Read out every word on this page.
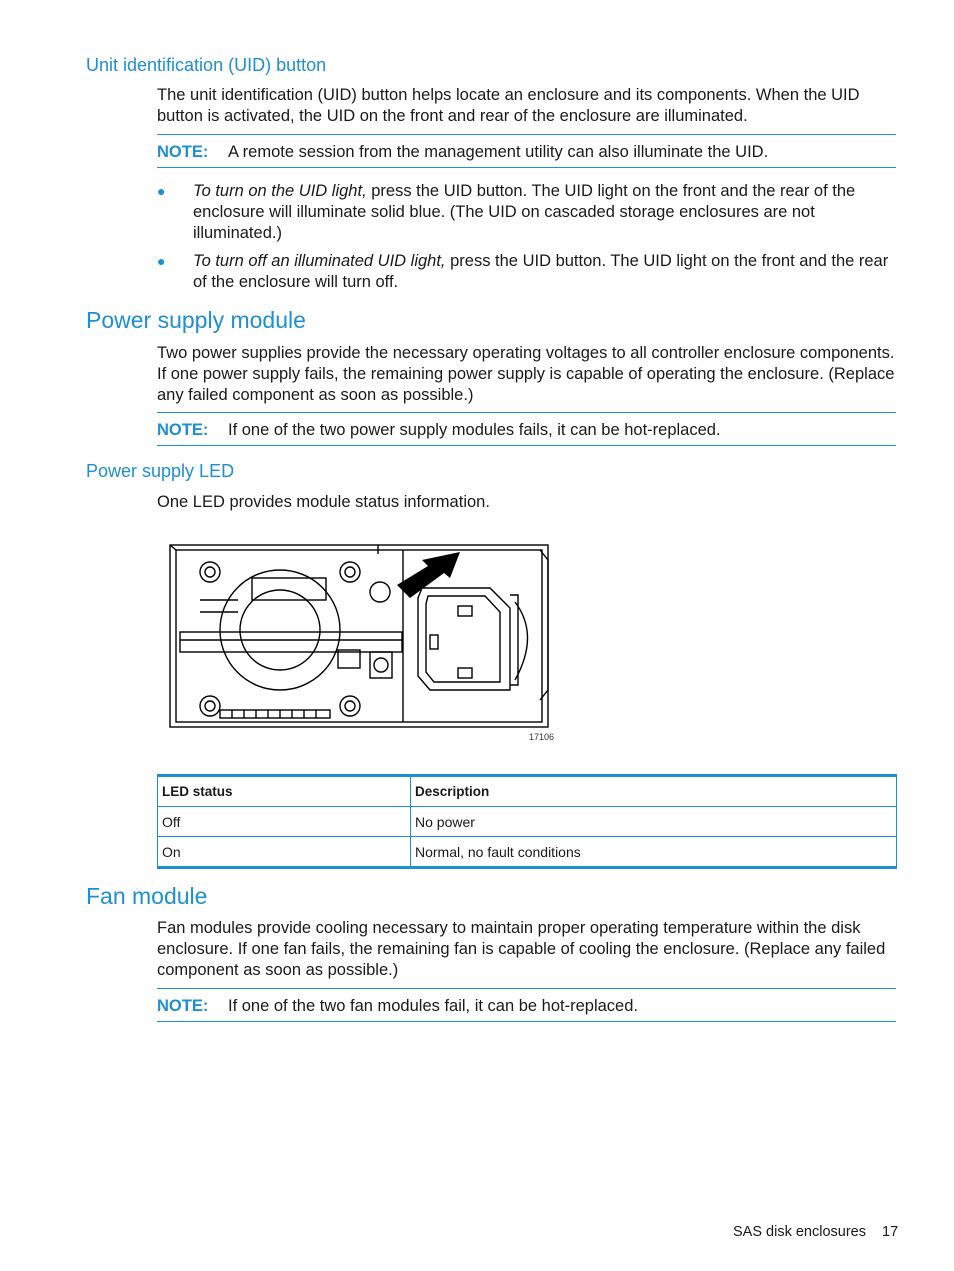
Unit identification (UID) button

The unit identification (UID) button helps locate an enclosure and its components. When the UID button is activated, the UID on the front and rear of the enclosure are illuminated.

NOTE: A remote session from the management utility can also illuminate the UID.
● To turn on the UID light, press the UID button. The UID light on the front and the rear of the enclosure will illuminate solid blue. (The UID on cascaded storage enclosures are not illuminated.)
● To turn off an illuminated UID light, press the UID button. The UID light on the front and the rear of the enclosure will turn off.
Power supply module

Two power supplies provide the necessary operating voltages to all controller enclosure components. If one power supply fails, the remaining power supply is capable of operating the enclosure. (Replace any failed component as soon as possible.)

NOTE: If one of the two power supply modules fails, it can be hot-replaced.
Power supply LED

One LED provides module status information.

17106
LED status	Description
Off	No power
On	Normal, no fault conditions
Fan module

Fan modules provide cooling necessary to maintain proper operating temperature within the disk enclosure. If one fan fails, the remaining fan is capable of cooling the enclosure. (Replace any failed component as soon as possible.)

NOTE: If one of the two fan modules fail, it can be hot-replaced.
SAS disk enclosures 17
